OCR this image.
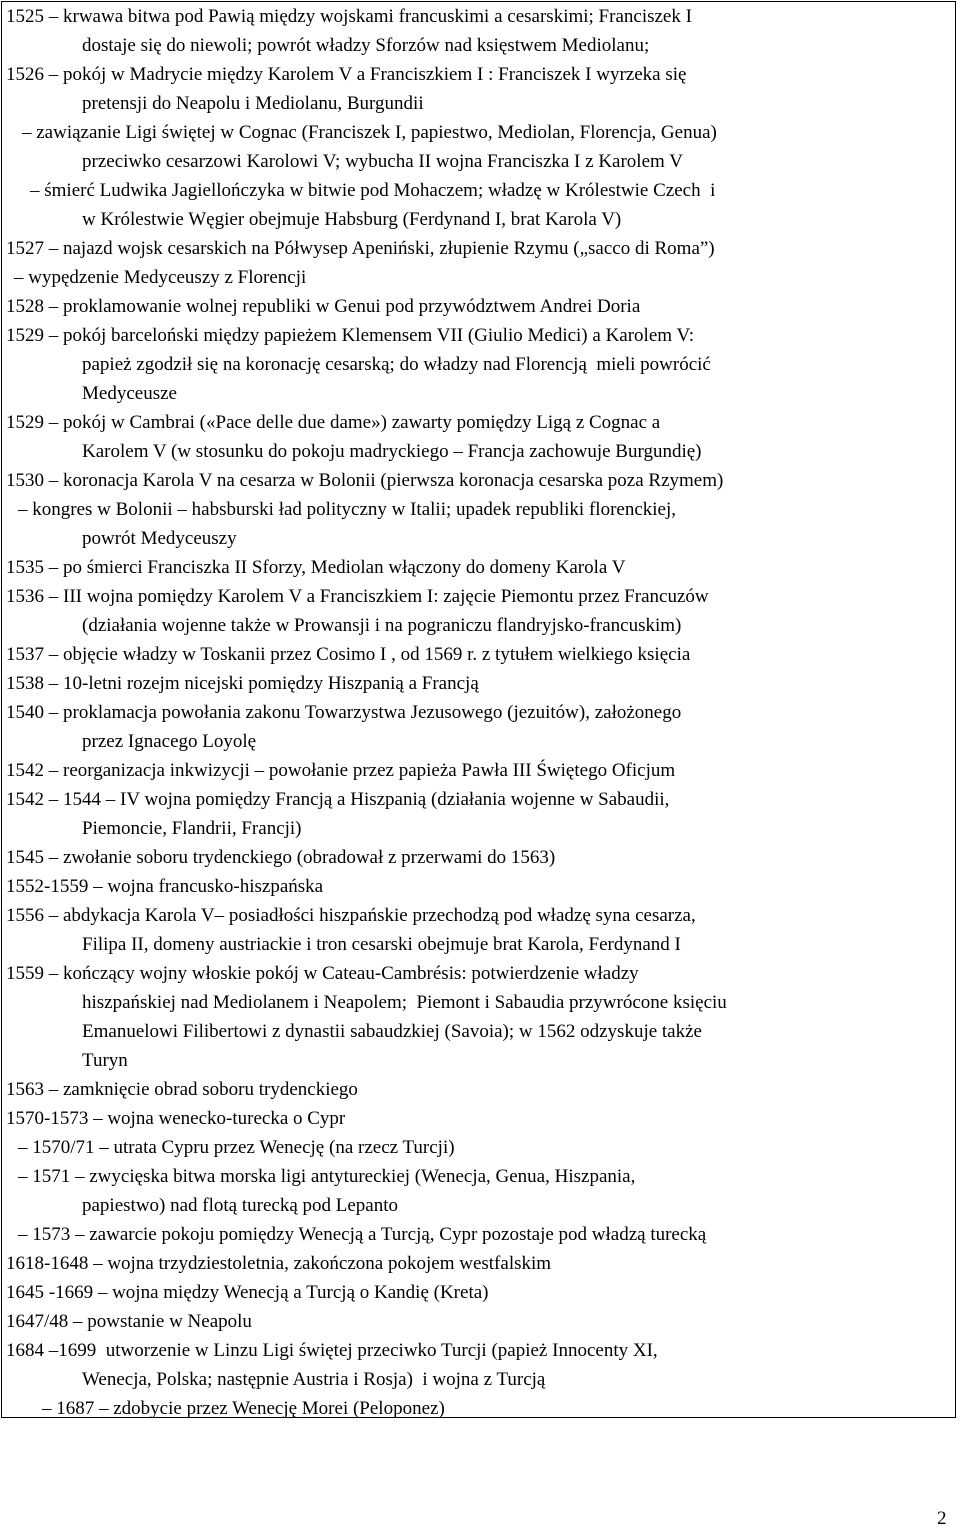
1525 – krwawa bitwa pod Pawią między wojskami francuskimi a cesarskimi; Franciszek I
dostaje się do niewoli; powrót władzy Sforzów nad księstwem Mediolanu;
1526 – pokój w Madrycie między Karolem V a Franciszkiem I : Franciszek I wyrzeka się
pretensji do Neapolu i Mediolanu, Burgundii
– zawiązanie Ligi świętej w Cognac (Franciszek I, papiestwo, Mediolan, Florencja, Genua)
przeciwko cesarzowi Karolowi V; wybucha II wojna Franciszka I z Karolem V
– śmierć Ludwika Jagiellończyka w bitwie pod Mohaczem; władzę w Królestwie Czech  i
w Królestwie Węgier obejmuje Habsburg (Ferdynand I, brat Karola V)
1527 – najazd wojsk cesarskich na Półwysep Apeniński, złupienie Rzymu („sacco di Roma”)
– wypędzenie Medyceuszy z Florencji
1528 – proklamowanie wolnej republiki w Genui pod przywództwem Andrei Doria
1529 – pokój barceloński między papieżem Klemensem VII (Giulio Medici) a Karolem V:
papież zgodził się na koronację cesarską; do władzy nad Florencją  mieli powrócić
Medyceusze
1529 – pokój w Cambrai («Pace delle due dame») zawarty pomiędzy Ligą z Cognac a
Karolem V (w stosunku do pokoju madryckiego – Francja zachowuje Burgundię)
1530 – koronacja Karola V na cesarza w Bolonii (pierwsza koronacja cesarska poza Rzymem)
– kongres w Bolonii – habsburski ład polityczny w Italii; upadek republiki florenckiej,
powrót Medyceuszy
1535 – po śmierci Franciszka II Sforzy, Mediolan włączony do domeny Karola V
1536 – III wojna pomiędzy Karolem V a Franciszkiem I: zajęcie Piemontu przez Francuzów
(działania wojenne także w Prowansji i na pograniczu flandryjsko-francuskim)
1537 – objęcie władzy w Toskanii przez Cosimo I , od 1569 r. z tytułem wielkiego księcia
1538 – 10-letni rozejm nicejski pomiędzy Hiszpanią a Francją
1540 – proklamacja powołania zakonu Towarzystwa Jezusowego (jezuitów), założonego
przez Ignacego Loyolę
1542 – reorganizacja inkwizycji – powołanie przez papieża Pawła III Świętego Oficjum
1542 – 1544 – IV wojna pomiędzy Francją a Hiszpanią (działania wojenne w Sabaudii,
Piemoncie, Flandrii, Francji)
1545 – zwołanie soboru trydenckiego (obradował z przerwami do 1563)
1552-1559 – wojna francusko-hiszpańska
1556 – abdykacja Karola V– posiadłości hiszpańskie przechodzą pod władzę syna cesarza,
Filipa II, domeny austriackie i tron cesarski obejmuje brat Karola, Ferdynand I
1559 – kończący wojny włoskie pokój w Cateau-Cambrésis: potwierdzenie władzy
hiszpańskiej nad Mediolanem i Neapolem;  Piemont i Sabaudia przywrócone księciu
Emanuelowi Filibertowi z dynastii sabaudzkiej (Savoia); w 1562 odzyskuje także
Turyn
1563 – zamknięcie obrad soboru trydenckiego
1570-1573 – wojna wenecko-turecka o Cypr
– 1570/71 – utrata Cypru przez Wenecję (na rzecz Turcji)
– 1571 – zwycięska bitwa morska ligi antytureckiej (Wenecja, Genua, Hiszpania,
papiestwo) nad flotą turecką pod Lepanto
– 1573 – zawarcie pokoju pomiędzy Wenecją a Turcją, Cypr pozostaje pod władzą turecką
1618-1648 – wojna trzydziestoletnia, zakończona pokojem westfalskim
1645 -1669 – wojna między Wenecją a Turcją o Kandię (Kreta)
1647/48 – powstanie w Neapolu
1684 –1699  utworzenie w Linzu Ligi świętej przeciwko Turcji (papież Innocenty XI,
Wenecja, Polska; następnie Austria i Rosja)  i wojna z Turcją
– 1687 – zdobycie przez Wenecję Morei (Peloponez)
2
